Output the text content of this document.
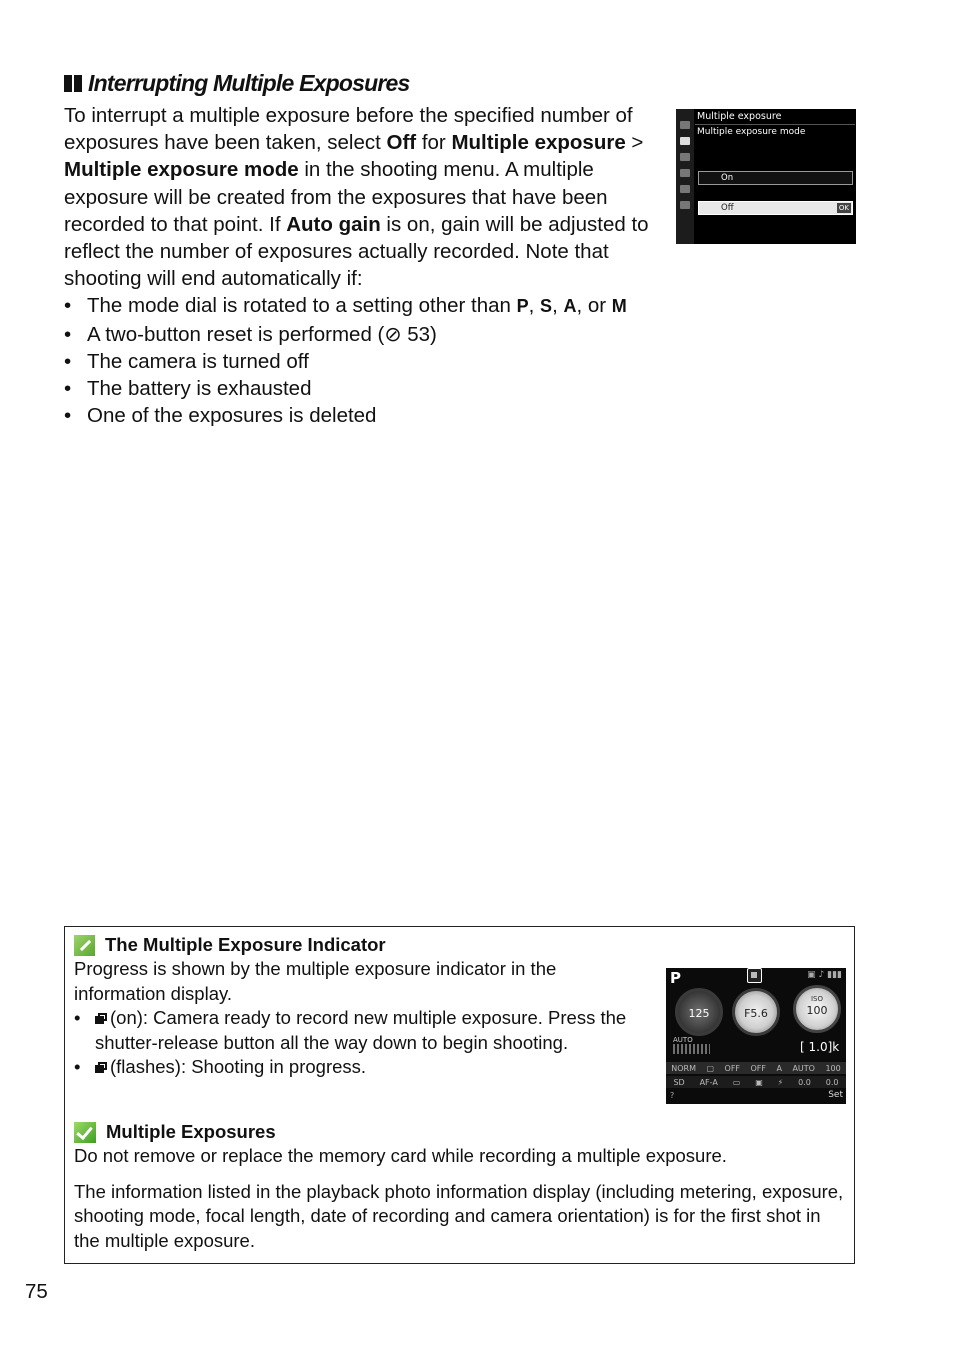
Interrupting Multiple Exposures

To interrupt a multiple exposure before the specified number of exposures have been taken, select Off for Multiple exposure > Multiple exposure mode in the shooting menu. A multiple exposure will be created from the exposures that have been recorded to that point. If Auto gain is on, gain will be adjusted to reflect the number of exposures actually recorded. Note that shooting will end automatically if:

• The mode dial is rotated to a setting other than P, S, A, or M
• A two-button reset is performed (⊘ 53)
• The camera is turned off
• The battery is exhausted
• One of the exposures is deleted
Multiple exposure
Multiple exposure mode
On
Off	OK
The Multiple Exposure Indicator

Progress is shown by the multiple exposure indicator in the information display.

• (on): Camera ready to record new multiple exposure. Press the shutter-release button all the way down to begin shooting.
• (flashes): Shooting in progress.
Multiple Exposures

Do not remove or replace the memory card while recording a multiple exposure.

The information listed in the playback photo information display (including metering, exposure, shooting mode, focal length, date of recording and camera orientation) is for the first shot in the multiple exposure.

P	▣ ♪ ▮▮▮
125	F5.6
ISO
100
AUTO	[ 1.0]k
NORM ▢ OFF OFF A AUTO 100
SD AF-A ▭ ▣ ⚡ 0.0 0.0
?	Set
75
